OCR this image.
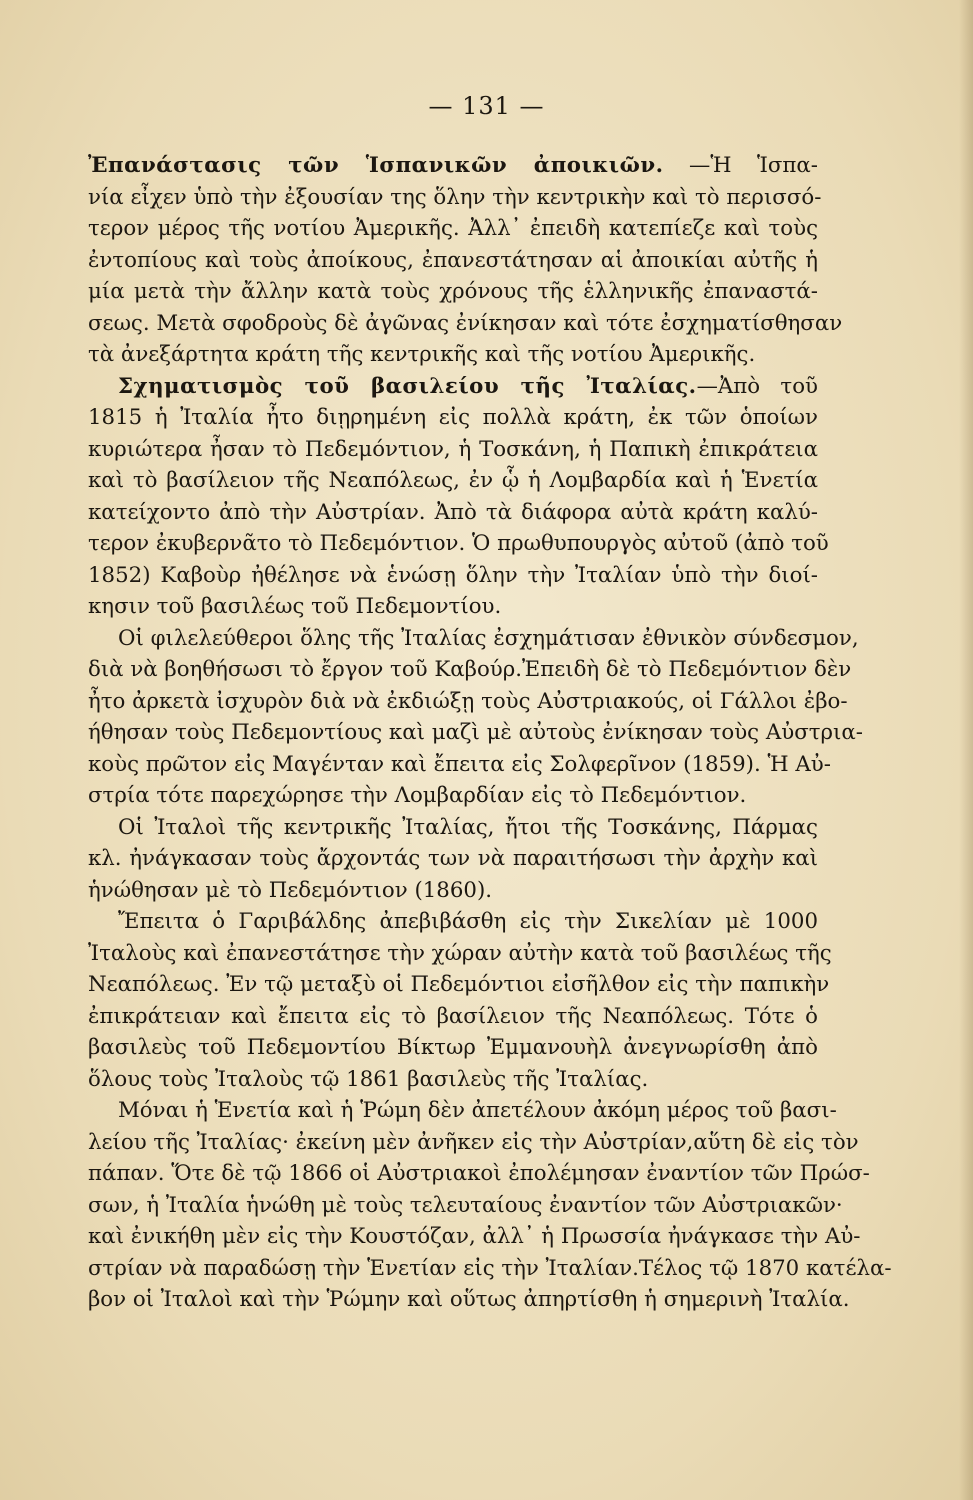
— 131 —
Ἐπανάστασις τῶν Ἱσπανικῶν ἀποικιῶν. —Ἡ Ἱσπα-
νία εἶχεν ὑπὸ τὴν ἐξουσίαν της ὅλην τὴν κεντρικὴν καὶ τὸ περισσό-
τερον μέρος τῆς νοτίου Ἀμερικῆς. Ἀλλ᾽ ἐπειδὴ κατεπίεζε καὶ τοὺς
ἐντοπίους καὶ τοὺς ἀποίκους, ἐπανεστάτησαν αἱ ἀποικίαι αὐτῆς ἡ
μία μετὰ τὴν ἄλλην κατὰ τοὺς χρόνους τῆς ἑλληνικῆς ἐπαναστά-
σεως. Μετὰ σφοδροὺς δὲ ἀγῶνας ἐνίκησαν καὶ τότε ἐσχηματίσθησαν
τὰ ἀνεξάρτητα κράτη τῆς κεντρικῆς καὶ τῆς νοτίου Ἀμερικῆς.
Σχηματισμὸς τοῦ βασιλείου τῆς Ἰταλίας.—Ἀπὸ τοῦ
1815 ἡ Ἰταλία ἦτο διῃρημένη εἰς πολλὰ κράτη, ἐκ τῶν ὁποίων
κυριώτερα ἦσαν τὸ Πεδεμόντιον, ἡ Τοσκάνη, ἡ Παπικὴ ἐπικράτεια
καὶ τὸ βασίλειον τῆς Νεαπόλεως, ἐν ᾧ ἡ Λομβαρδία καὶ ἡ Ἑνετία
κατείχοντο ἀπὸ τὴν Αὐστρίαν. Ἀπὸ τὰ διάφορα αὐτὰ κράτη καλύ-
τερον ἐκυβερνᾶτο τὸ Πεδεμόντιον. Ὁ πρωθυπουργὸς αὐτοῦ (ἀπὸ τοῦ
1852) Καβοὺρ ἠθέλησε νὰ ἑνώσῃ ὅλην τὴν Ἰταλίαν ὑπὸ τὴν διοί-
κησιν τοῦ βασιλέως τοῦ Πεδεμοντίου.
Οἱ φιλελεύθεροι ὅλης τῆς Ἰταλίας ἐσχημάτισαν ἐθνικὸν σύνδεσμον,
διὰ νὰ βοηθήσωσι τὸ ἔργον τοῦ Καβούρ.Ἐπειδὴ δὲ τὸ Πεδεμόντιον δὲν
ἦτο ἀρκετὰ ἰσχυρὸν διὰ νὰ ἐκδιώξῃ τοὺς Αὐστριακούς, οἱ Γάλλοι ἐβο-
ήθησαν τοὺς Πεδεμοντίους καὶ μαζὶ μὲ αὐτοὺς ἐνίκησαν τοὺς Αὐστρια-
κοὺς πρῶτον εἰς Μαγένταν καὶ ἔπειτα εἰς Σολφερῖνον (1859). Ἡ Αὐ-
στρία τότε παρεχώρησε τὴν Λομβαρδίαν εἰς τὸ Πεδεμόντιον.
Οἱ Ἰταλοὶ τῆς κεντρικῆς Ἰταλίας, ἤτοι τῆς Τοσκάνης, Πάρμας
κλ. ἠνάγκασαν τοὺς ἄρχοντάς των νὰ παραιτήσωσι τὴν ἀρχὴν καὶ
ἡνώθησαν μὲ τὸ Πεδεμόντιον (1860).
Ἔπειτα ὁ Γαριβάλδης ἀπεβιβάσθη εἰς τὴν Σικελίαν μὲ 1000
Ἰταλοὺς καὶ ἐπανεστάτησε τὴν χώραν αὐτὴν κατὰ τοῦ βασιλέως τῆς
Νεαπόλεως. Ἐν τῷ μεταξὺ οἱ Πεδεμόντιοι εἰσῆλθον εἰς τὴν παπικὴν
ἐπικράτειαν καὶ ἔπειτα εἰς τὸ βασίλειον τῆς Νεαπόλεως. Τότε ὁ
βασιλεὺς τοῦ Πεδεμοντίου Βίκτωρ Ἐμμανουὴλ ἀνεγνωρίσθη ἀπὸ
ὅλους τοὺς Ἰταλοὺς τῷ 1861 βασιλεὺς τῆς Ἰταλίας.
Μόναι ἡ Ἑνετία καὶ ἡ Ῥώμη δὲν ἀπετέλουν ἀκόμη μέρος τοῦ βασι-
λείου τῆς Ἰταλίας· ἐκείνη μὲν ἀνῆκεν εἰς τὴν Αὐστρίαν,αὕτη δὲ εἰς τὸν
πάπαν. Ὅτε δὲ τῷ 1866 οἱ Αὐστριακοὶ ἐπολέμησαν ἐναντίον τῶν Πρώσ-
σων, ἡ Ἰταλία ἡνώθη μὲ τοὺς τελευταίους ἐναντίον τῶν Αὐστριακῶν·
καὶ ἐνικήθη μὲν εἰς τὴν Κουστόζαν, ἀλλ᾽ ἡ Πρωσσία ἠνάγκασε τὴν Αὐ-
στρίαν νὰ παραδώσῃ τὴν Ἑνετίαν εἰς τὴν Ἰταλίαν.Τέλος τῷ 1870 κατέλα-
βον οἱ Ἰταλοὶ καὶ τὴν Ῥώμην καὶ οὕτως ἀπηρτίσθη ἡ σημερινὴ Ἰταλία.
